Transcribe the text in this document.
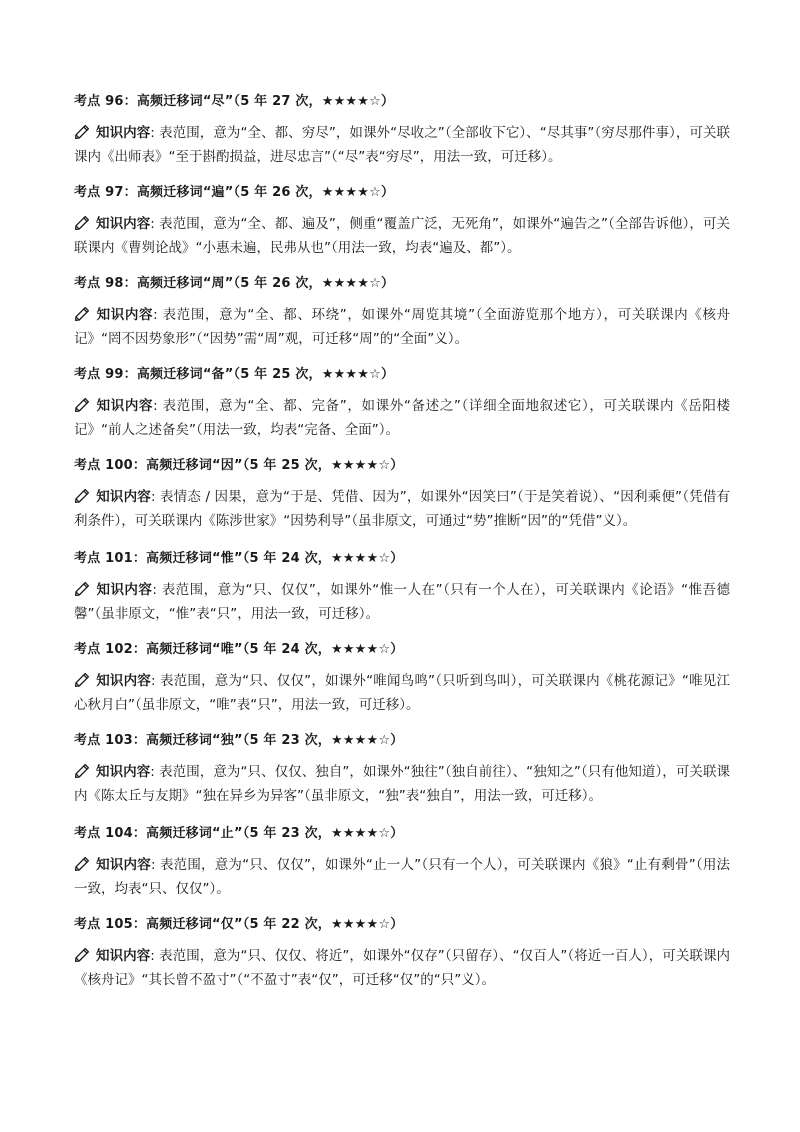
考点 96：高频迁移词“尽”（5 年 27 次，★★★★☆）
知识内容: 表范围，意为“全、都、穷尽”，如课外“尽收之”（全部收下它）、“尽其事”（穷尽那件事），可关联课内《出师表》“至于斟酌损益，进尽忠言”（“尽”表“穷尽”，用法一致，可迁移）。
考点 97：高频迁移词“遍”（5 年 26 次，★★★★☆）
知识内容: 表范围，意为“全、都、遍及”，侧重“覆盖广泛，无死角”，如课外“遍告之”（全部告诉他），可关联课内《曹刿论战》“小惠未遍，民弗从也”（用法一致，均表“遍及、都”）。
考点 98：高频迁移词“周”（5 年 26 次，★★★★☆）
知识内容: 表范围，意为“全、都、环绕”，如课外“周览其境”（全面游览那个地方），可关联课内《核舟记》“罔不因势象形”（“因势”需“周”观，可迁移“周”的“全面”义）。
考点 99：高频迁移词“备”（5 年 25 次，★★★★☆）
知识内容: 表范围，意为“全、都、完备”，如课外“备述之”（详细全面地叙述它），可关联课内《岳阳楼记》“前人之述备矣”（用法一致，均表“完备、全面”）。
考点 100：高频迁移词“因”（5 年 25 次，★★★★☆）
知识内容: 表情态 / 因果，意为“于是、凭借、因为”，如课外“因笑曰”（于是笑着说）、“因利乘便”（凭借有利条件），可关联课内《陈涉世家》“因势利导”（虽非原文，可通过“势”推断“因”的“凭借”义）。
考点 101：高频迁移词“惟”（5 年 24 次，★★★★☆）
知识内容: 表范围，意为“只、仅仅”，如课外“惟一人在”（只有一个人在），可关联课内《论语》“惟吾德馨”（虽非原文，“惟”表“只”，用法一致，可迁移）。
考点 102：高频迁移词“唯”（5 年 24 次，★★★★☆）
知识内容: 表范围，意为“只、仅仅”，如课外“唯闻鸟鸣”（只听到鸟叫），可关联课内《桃花源记》“唯见江心秋月白”（虽非原文，“唯”表“只”，用法一致，可迁移）。
考点 103：高频迁移词“独”（5 年 23 次，★★★★☆）
知识内容: 表范围，意为“只、仅仅、独自”，如课外“独往”（独自前往）、“独知之”（只有他知道），可关联课内《陈太丘与友期》“独在异乡为异客”（虽非原文，“独”表“独自”，用法一致，可迁移）。
考点 104：高频迁移词“止”（5 年 23 次，★★★★☆）
知识内容: 表范围，意为“只、仅仅”，如课外“止一人”（只有一个人），可关联课内《狼》“止有剩骨”（用法一致，均表“只、仅仅”）。
考点 105：高频迁移词“仅”（5 年 22 次，★★★★☆）
知识内容: 表范围，意为“只、仅仅、将近”，如课外“仅存”（只留存）、“仅百人”（将近一百人），可关联课内《核舟记》“其长曾不盈寸”（“不盈寸”表“仅”，可迁移“仅”的“只”义）。
